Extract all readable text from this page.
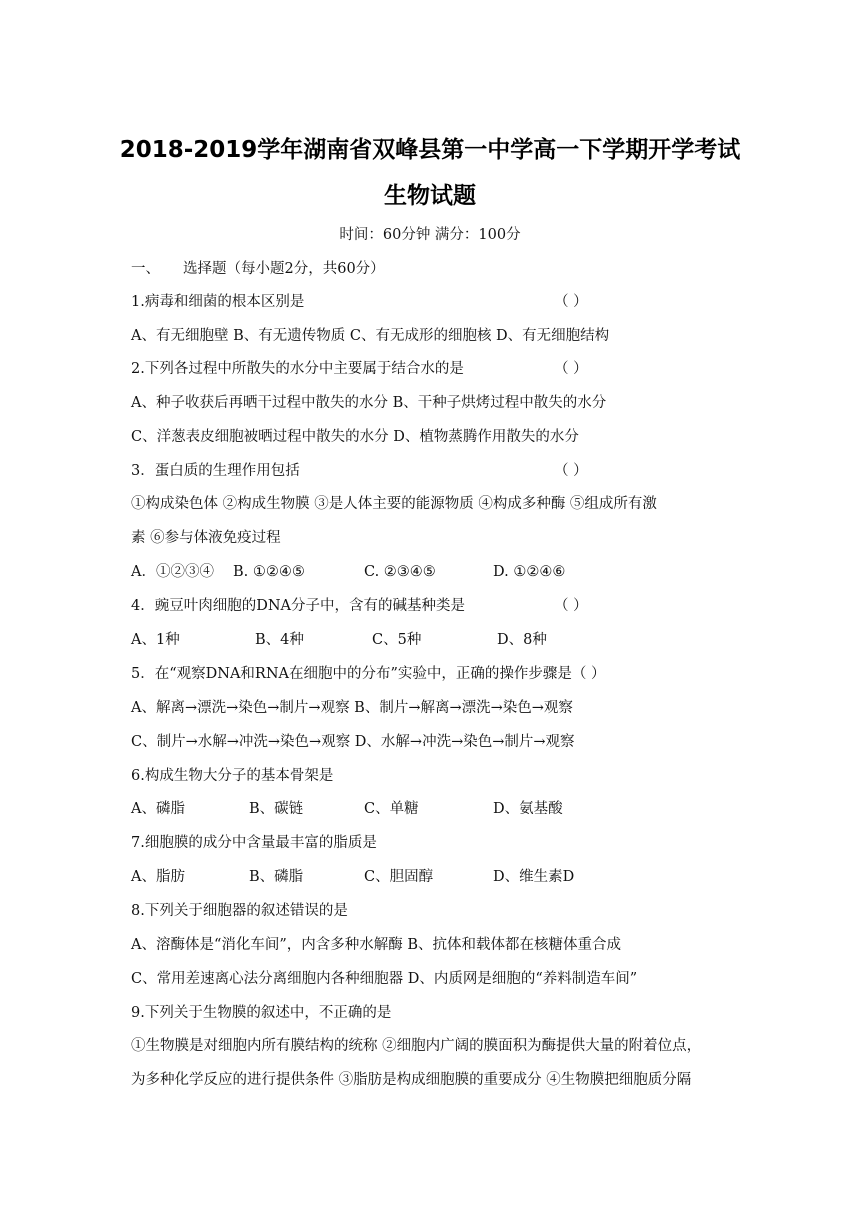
2018-2019学年湖南省双峰县第一中学高一下学期开学考试
生物试题
时间：60分钟 满分：100分
一、 选择题（每小题2分，共60分）
1.病毒和细菌的根本区别是	（ ）
A、有无细胞壁 B、有无遗传物质 C、有无成形的细胞核 D、有无细胞结构
2.下列各过程中所散失的水分中主要属于结合水的是	（ ）
A、种子收获后再晒干过程中散失的水分 B、干种子烘烤过程中散失的水分
C、洋葱表皮细胞被晒过程中散失的水分 D、植物蒸腾作用散失的水分
3．蛋白质的生理作用包括	（ ）
①构成染色体 ②构成生物膜 ③是人体主要的能源物质 ④构成多种酶 ⑤组成所有激
素 ⑥参与体液免疫过程
A．①②③④ B. ①②④⑤	C. ②③④⑤	D. ①②④⑥
4．豌豆叶肉细胞的DNA分子中，含有的碱基种类是	（ ）
A、1种	B、4种	C、5种	D、8种
5．在“观察DNA和RNA在细胞中的分布”实验中，正确的操作步骤是（ ）
A、解离→漂洗→染色→制片→观察 B、制片→解离→漂洗→染色→观察
C、制片→水解→冲洗→染色→观察 D、水解→冲洗→染色→制片→观察
6.构成生物大分子的基本骨架是
A、磷脂	B、碳链	C、单糖	D、氨基酸
7.细胞膜的成分中含量最丰富的脂质是
A、脂肪	B、磷脂	C、胆固醇	D、维生素D
8.下列关于细胞器的叙述错误的是
A、溶酶体是“消化车间”，内含多种水解酶 B、抗体和载体都在核糖体重合成
C、常用差速离心法分离细胞内各种细胞器 D、内质网是细胞的“养料制造车间”
9.下列关于生物膜的叙述中，不正确的是
①生物膜是对细胞内所有膜结构的统称 ②细胞内广阔的膜面积为酶提供大量的附着位点，
为多种化学反应的进行提供条件 ③脂肪是构成细胞膜的重要成分 ④生物膜把细胞质分隔
